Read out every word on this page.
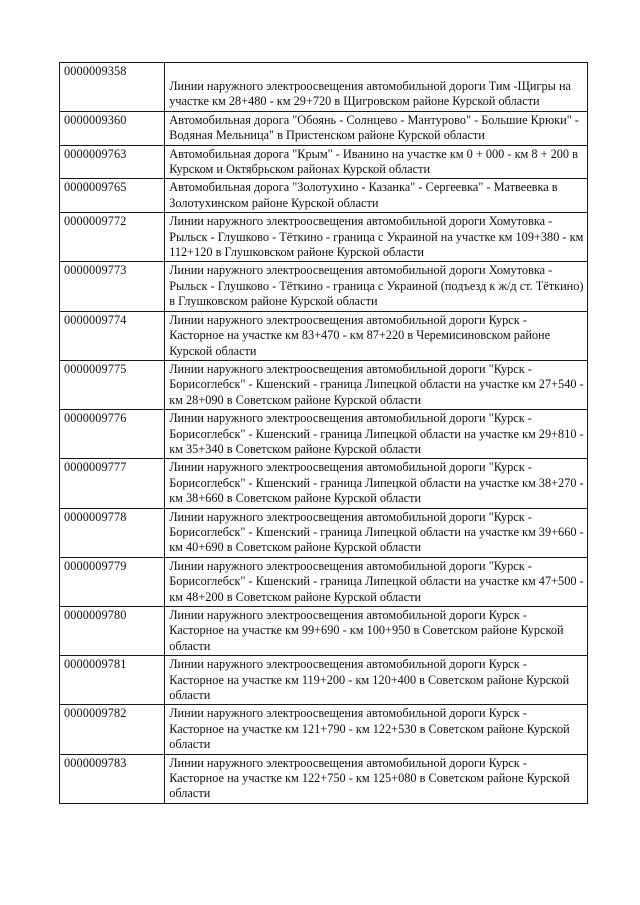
0000009358	Линии наружного электроосвещения автомобильной дороги Тим -Щигры на участке км 28+480 - км 29+720 в Щигровском районе Курской области
0000009360	Автомобильная дорога "Обоянь - Солнцево - Мантурово" - Большие Крюки" - Водяная Мельница" в Пристенском районе Курской области
0000009763	Автомобильная дорога "Крым" - Иванино на участке км 0 + 000 - км 8 + 200 в Курском и Октябрьском районах Курской области
0000009765	Автомобильная дорога "Золотухино - Казанка" - Сергеевка" - Матвеевка в Золотухинском районе Курской области
0000009772	Линии наружного электроосвещения автомобильной дороги Хомутовка - Рыльск - Глушково - Тёткино - граница с Украиной на участке км 109+380 - км 112+120 в Глушковском районе Курской области
0000009773	Линии наружного электроосвещения автомобильной дороги Хомутовка - Рыльск - Глушково - Тёткино - граница с Украиной (подъезд к ж/д ст. Тёткино) в Глушковском районе Курской области
0000009774	Линии наружного электроосвещения автомобильной дороги Курск - Касторное на участке км 83+470 - км 87+220 в Черемисиновском районе Курской области
0000009775	Линии наружного электроосвещения автомобильной дороги "Курск - Борисоглебск" - Кшенский - граница Липецкой области на участке км 27+540 - км 28+090 в Советском районе Курской области
0000009776	Линии наружного электроосвещения автомобильной дороги "Курск - Борисоглебск" - Кшенский - граница Липецкой области на участке км 29+810 - км 35+340 в Советском районе Курской области
0000009777	Линии наружного электроосвещения автомобильной дороги "Курск - Борисоглебск" - Кшенский - граница Липецкой области на участке км 38+270 - км 38+660 в Советском районе Курской области
0000009778	Линии наружного электроосвещения автомобильной дороги "Курск - Борисоглебск" - Кшенский - граница Липецкой области на участке км 39+660 - км 40+690 в Советском районе Курской области
0000009779	Линии наружного электроосвещения автомобильной дороги "Курск - Борисоглебск" - Кшенский - граница Липецкой области на участке км 47+500 - км 48+200 в Советском районе Курской области
0000009780	Линии наружного электроосвещения автомобильной дороги Курск - Касторное на участке км 99+690 - км 100+950 в Советском районе Курской области
0000009781	Линии наружного электроосвещения автомобильной дороги Курск - Касторное на участке км 119+200 - км 120+400 в Советском районе Курской области
0000009782	Линии наружного электроосвещения автомобильной дороги Курск - Касторное на участке км 121+790 - км 122+530 в Советском районе Курской области
0000009783	Линии наружного электроосвещения автомобильной дороги Курск - Касторное на участке км 122+750 - км 125+080 в Советском районе Курской области
